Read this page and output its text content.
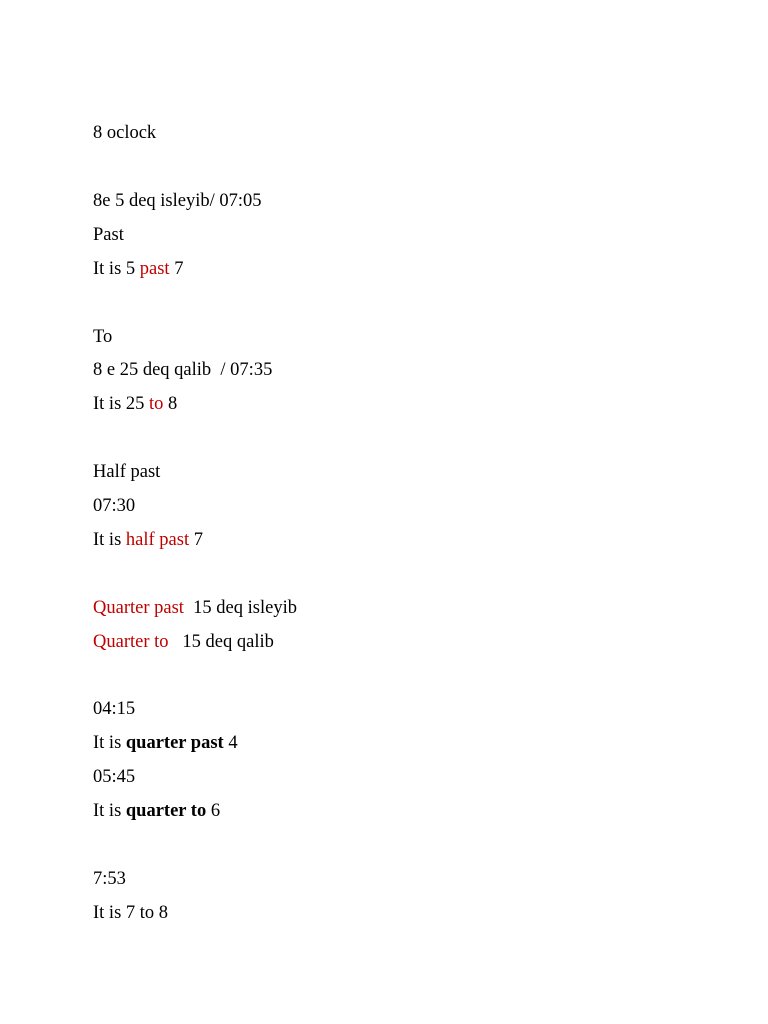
8 oclock
8e 5 deq isleyib/ 07:05
Past
It is 5 past 7
To
8 e 25 deq qalib  / 07:35
It is 25 to 8
Half past
07:30
It is half past 7
Quarter past  15 deq isleyib
Quarter to   15 deq qalib
04:15
It is quarter past 4
05:45
It is quarter to 6
7:53
It is 7 to 8
